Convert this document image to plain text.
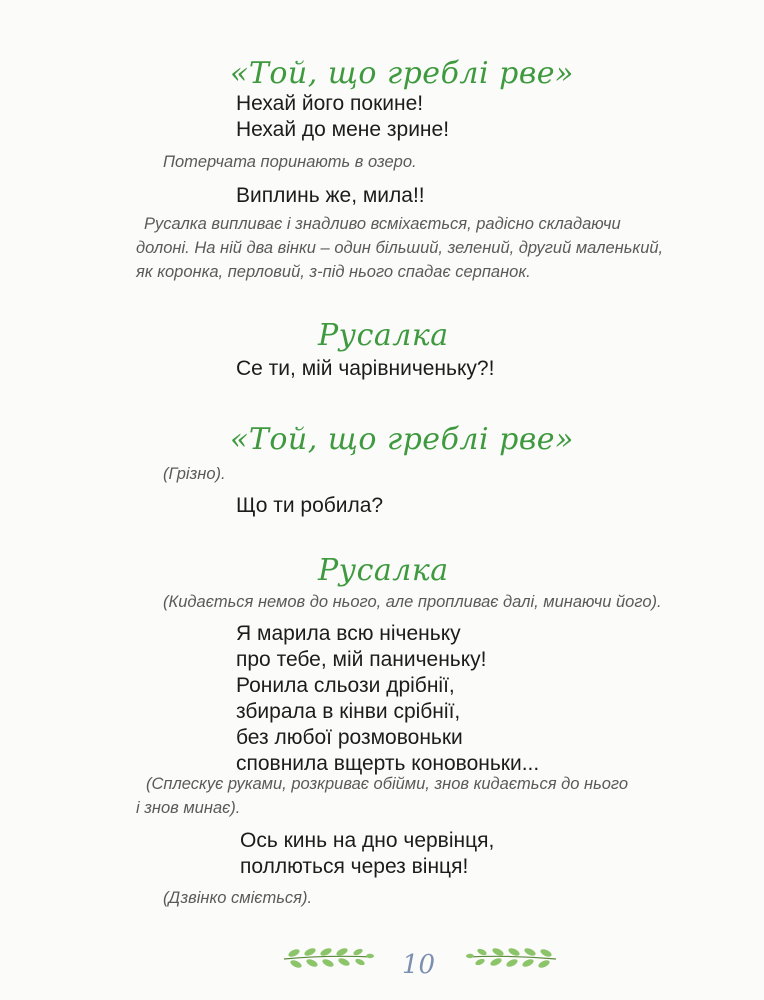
«Той, що греблі рве»
Нехай його покине!
Нехай до мене зрине!
Потерчата поринають в озеро.
Виплинь же, мила!!
Русалка випливає і знадливо всміхається, радісно складаючи
долоні. На ній два вінки – один більший, зелений, другий маленький,
як коронка, перловий, з-під нього спадає серпанок.
Русалка
Се ти, мій чарівниченьку?!
«Той, що греблі рве»
(Грізно).
Що ти робила?
Русалка
(Кидається немов до нього, але пропливає далі, минаючи його).
Я марила всю ніченьку
про тебе, мій паниченьку!
Ронила сльози дрібнії,
збирала в кінви срібнії,
без любої розмовоньки
сповнила вщерть коновоньки...
(Сплескує руками, розкриває обійми, знов кидається до нього
і знов минає).
Ось кинь на дно червінця,
поллються через вінця!
(Дзвінко сміється).
10
